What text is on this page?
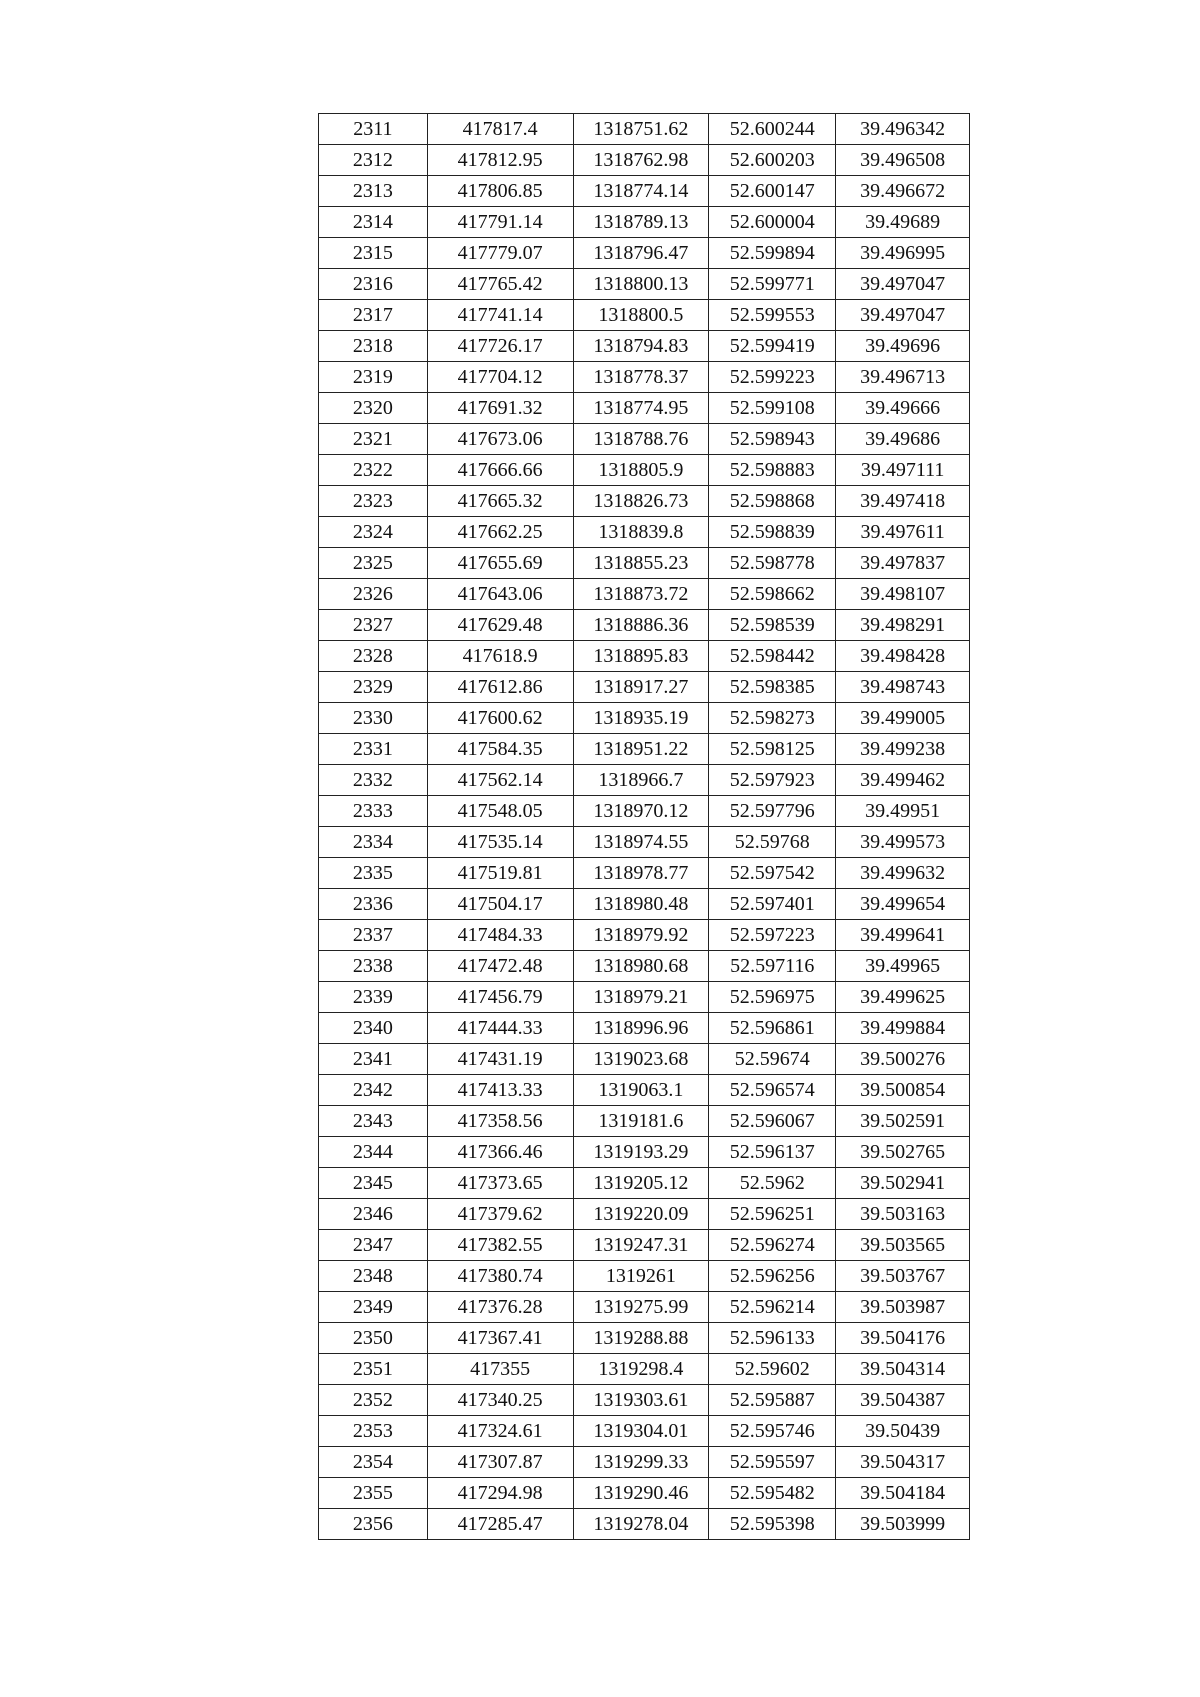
2311	417817.4	1318751.62	52.600244	39.496342
2312	417812.95	1318762.98	52.600203	39.496508
2313	417806.85	1318774.14	52.600147	39.496672
2314	417791.14	1318789.13	52.600004	39.49689
2315	417779.07	1318796.47	52.599894	39.496995
2316	417765.42	1318800.13	52.599771	39.497047
2317	417741.14	1318800.5	52.599553	39.497047
2318	417726.17	1318794.83	52.599419	39.49696
2319	417704.12	1318778.37	52.599223	39.496713
2320	417691.32	1318774.95	52.599108	39.49666
2321	417673.06	1318788.76	52.598943	39.49686
2322	417666.66	1318805.9	52.598883	39.497111
2323	417665.32	1318826.73	52.598868	39.497418
2324	417662.25	1318839.8	52.598839	39.497611
2325	417655.69	1318855.23	52.598778	39.497837
2326	417643.06	1318873.72	52.598662	39.498107
2327	417629.48	1318886.36	52.598539	39.498291
2328	417618.9	1318895.83	52.598442	39.498428
2329	417612.86	1318917.27	52.598385	39.498743
2330	417600.62	1318935.19	52.598273	39.499005
2331	417584.35	1318951.22	52.598125	39.499238
2332	417562.14	1318966.7	52.597923	39.499462
2333	417548.05	1318970.12	52.597796	39.49951
2334	417535.14	1318974.55	52.59768	39.499573
2335	417519.81	1318978.77	52.597542	39.499632
2336	417504.17	1318980.48	52.597401	39.499654
2337	417484.33	1318979.92	52.597223	39.499641
2338	417472.48	1318980.68	52.597116	39.49965
2339	417456.79	1318979.21	52.596975	39.499625
2340	417444.33	1318996.96	52.596861	39.499884
2341	417431.19	1319023.68	52.59674	39.500276
2342	417413.33	1319063.1	52.596574	39.500854
2343	417358.56	1319181.6	52.596067	39.502591
2344	417366.46	1319193.29	52.596137	39.502765
2345	417373.65	1319205.12	52.5962	39.502941
2346	417379.62	1319220.09	52.596251	39.503163
2347	417382.55	1319247.31	52.596274	39.503565
2348	417380.74	1319261	52.596256	39.503767
2349	417376.28	1319275.99	52.596214	39.503987
2350	417367.41	1319288.88	52.596133	39.504176
2351	417355	1319298.4	52.59602	39.504314
2352	417340.25	1319303.61	52.595887	39.504387
2353	417324.61	1319304.01	52.595746	39.50439
2354	417307.87	1319299.33	52.595597	39.504317
2355	417294.98	1319290.46	52.595482	39.504184
2356	417285.47	1319278.04	52.595398	39.503999
